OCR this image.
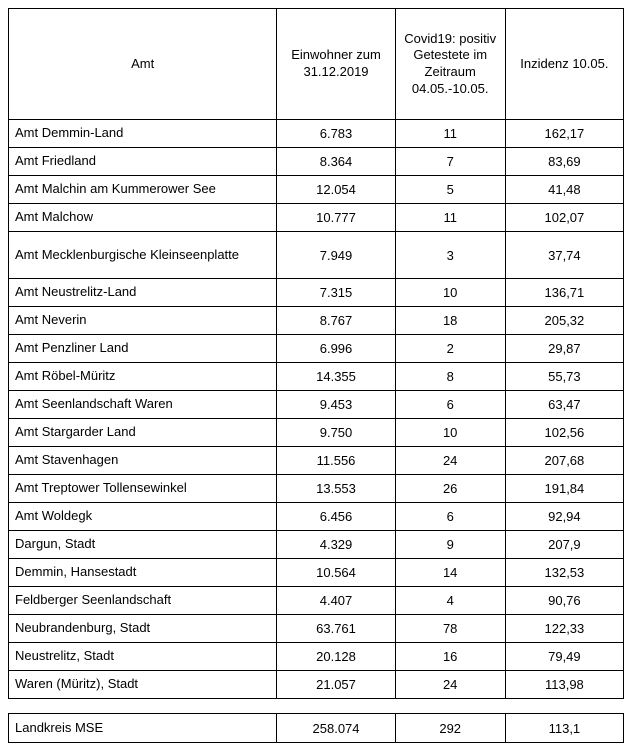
Amt	Einwohner zum 31.12.2019	Covid19: positiv Getestete im Zeitraum 04.05.-10.05.	Inzidenz 10.05.
Amt Demmin-Land	6.783	11	162,17
Amt Friedland	8.364	7	83,69
Amt Malchin am Kummerower See	12.054	5	41,48
Amt Malchow	10.777	11	102,07
Amt Mecklenburgische Kleinseenplatte	7.949	3	37,74
Amt Neustrelitz-Land	7.315	10	136,71
Amt Neverin	8.767	18	205,32
Amt Penzliner Land	6.996	2	29,87
Amt Röbel-Müritz	14.355	8	55,73
Amt Seenlandschaft Waren	9.453	6	63,47
Amt Stargarder Land	9.750	10	102,56
Amt Stavenhagen	11.556	24	207,68
Amt Treptower Tollensewinkel	13.553	26	191,84
Amt Woldegk	6.456	6	92,94
Dargun, Stadt	4.329	9	207,9
Demmin, Hansestadt	10.564	14	132,53
Feldberger Seenlandschaft	4.407	4	90,76
Neubrandenburg, Stadt	63.761	78	122,33
Neustrelitz, Stadt	20.128	16	79,49
Waren (Müritz), Stadt	21.057	24	113,98
Landkreis MSE	258.074	292	113,1
